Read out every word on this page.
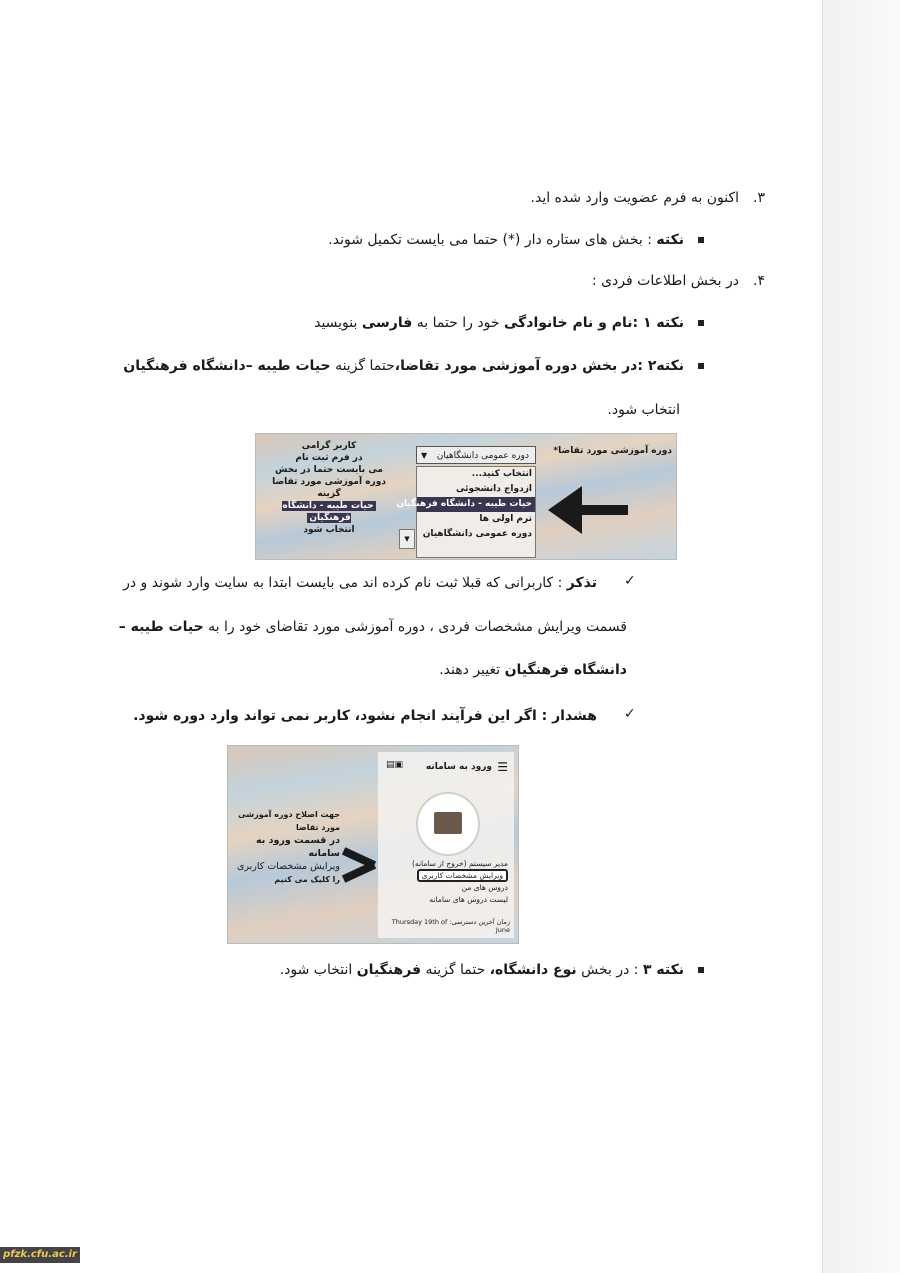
۳.اکنون به فرم عضویت وارد شده اید.
نکته : بخش های ستاره دار (*) حتما می بایست تکمیل شوند.
۴.در بخش اطلاعات فردی :
نکته ۱ :نام و نام خانوادگی خود را حتما به فارسی بنویسید
نکته۲ :در بخش دوره آموزشی مورد تقاضا،حتما گزینه حیات طیبه –دانشگاه فرهنگیان
انتخاب شود.
دوره آموزشی مورد تقاضا*
دوره عمومی دانشگاهیان
▼
انتخاب کنید...
ازدواج دانشجوئی
حیات طیبه - دانشگاه فرهنگیان
ترم اولی ها
دوره عمومی دانشگاهیان
▼
کاربر گرامی
در فرم ثبت نام
می بایست حتما در بخش
دوره آموزشی مورد تقاضا
گزینه
حیات طیبه - دانشگاه فرهنگیان
انتخاب شود
✓
تذکر : کاربرانی که قبلا ثبت نام کرده اند می بایست ابتدا به سایت وارد شوند و در
قسمت ویرایش مشخصات فردی ، دوره آموزشی مورد تقاضای خود را به حیات طیبه –
دانشگاه فرهنگیان تغییر دهند.
✓
هشدار : اگر این فرآیند انجام نشود، کاربر نمی تواند وارد دوره شود.
☰
ورود به سامانه
▣▤
مدیر سیستم (خروج از سامانه)
ویرایش مشخصات کاربری
دروس های من
لیست دروس های سامانه
زمان آخرین دسترسی: Thursday 19th of June
جهت اصلاح دوره آموزشی مورد تقاضا
در قسمت ورود به سامانه
ویرایش مشخصات کاربری
را کلیک می کنیم
نکته ۳ : در بخش نوع دانشگاه، حتما گزینه فرهنگیان انتخاب شود.
pfzk.cfu.ac.ir
